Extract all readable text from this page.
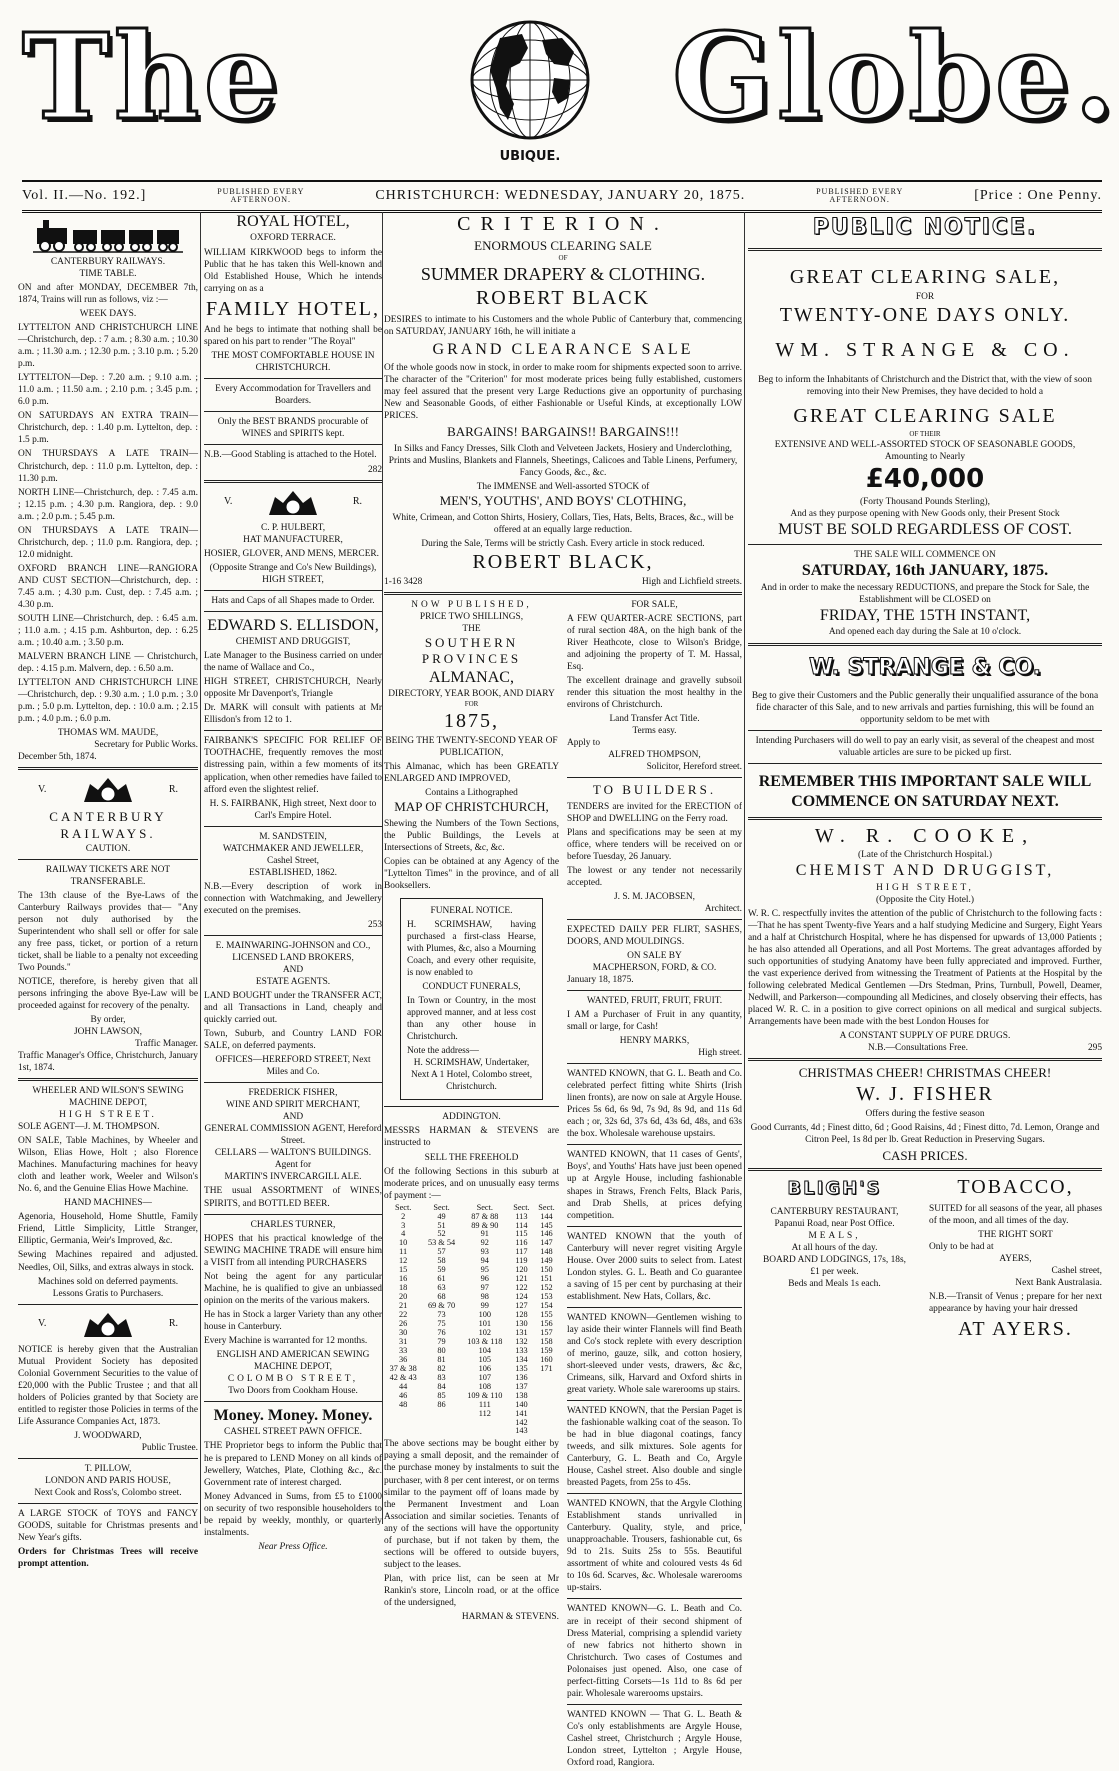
The
UBIQUE.
Globe.
Vol. II.—No. 192.]	PUBLISHED EVERY
AFTERNOON.	CHRISTCHURCH: WEDNESDAY, JANUARY 20, 1875.	PUBLISHED EVERY
AFTERNOON.	[Price : One Penny.
CANTERBURY RAILWAYS.
TIME TABLE.

ON and after MONDAY, DECEMBER 7th, 1874, Trains will run as follows, viz :—

WEEK DAYS.

LYTTELTON AND CHRISTCHURCH LINE—Christchurch, dep. : 7 a.m. ; 8.30 a.m. ; 10.30 a.m. ; 11.30 a.m. ; 12.30 p.m. ; 3.10 p.m. ; 5.20 p.m.

LYTTELTON—Dep. : 7.20 a.m. ; 9.10 a.m. ; 11.0 a.m. ; 11.50 a.m. ; 2.10 p.m. ; 3.45 p.m. ; 6.0 p.m.

ON SATURDAYS AN EXTRA TRAIN—Christchurch, dep. : 1.40 p.m. Lyttelton, dep. : 1.5 p.m.

ON THURSDAYS A LATE TRAIN—Christchurch, dep. : 11.0 p.m. Lyttelton, dep. : 11.30 p.m.

NORTH LINE—Christchurch, dep. : 7.45 a.m. ; 12.15 p.m. ; 4.30 p.m. Rangiora, dep. : 9.0 a.m. ; 2.0 p.m. ; 5.45 p.m.

ON THURSDAYS A LATE TRAIN—Christchurch, dep. ; 11.0 p.m. Rangiora, dep. ; 12.0 midnight.

OXFORD BRANCH LINE—RANGIORA AND CUST SECTION—Christchurch, dep. : 7.45 a.m. ; 4.30 p.m. Cust, dep. : 7.45 a.m. ; 4.30 p.m.

SOUTH LINE—Christchurch, dep. : 6.45 a.m. ; 11.0 a.m. ; 4.15 p.m. Ashburton, dep. : 6.25 a.m. ; 10.40 a.m. ; 3.50 p.m.

MALVERN BRANCH LINE — Christchurch, dep. : 4.15 p.m. Malvern, dep. : 6.50 a.m.

LYTTELTON AND CHRISTCHURCH LINE—Christchurch, dep. : 9.30 a.m. ; 1.0 p.m. ; 3.0 p.m. ; 5.0 p.m. Lyttelton, dep. : 10.0 a.m. ; 2.15 p.m. ; 4.0 p.m. ; 6.0 p.m.

THOMAS WM. MAUDE,
Secretary for Public Works.
December 5th, 1874.
V.	R.
CANTERBURY RAILWAYS.
CAUTION.
RAILWAY TICKETS ARE NOT TRANSFERABLE.

The 13th clause of the Bye-Laws of the Canterbury Railways provides that— "Any person not duly authorised by the Superintendent who shall sell or offer for sale any free pass, ticket, or portion of a return ticket, shall be liable to a penalty not exceeding Two Pounds."

NOTICE, therefore, is hereby given that all persons infringing the above Bye-Law will be proceeded against for recovery of the penalty.

By order,
JOHN LAWSON,
Traffic Manager.
Traffic Manager's Office, Christchurch, January 1st, 1874.
WHEELER AND WILSON'S SEWING MACHINE DEPOT,
HIGH STREET.
SOLE AGENT—J. M. THOMPSON.

ON SALE, Table Machines, by Wheeler and Wilson, Elias Howe, Holt ; also Florence Machines. Manufacturing machines for heavy cloth and leather work, Weeler and Wilson's No. 6, and the Genuine Elias Howe Machine.

HAND MACHINES—

Agenoria, Household, Home Shuttle, Family Friend, Little Simplicity, Little Stranger, Elliptic, Germania, Weir's Improved, &c.

Sewing Machines repaired and adjusted. Needles, Oil, Silks, and extras always in stock.

Machines sold on deferred payments.
Lessons Gratis to Purchasers.
V.	R.

NOTICE is hereby given that the Australian Mutual Provident Society has deposited Colonial Government Securities to the value of £20,000 with the Public Trustee ; and that all holders of Policies granted by that Society are entitled to register those Policies in terms of the Life Assurance Companies Act, 1873.

J. WOODWARD,
Public Trustee.
T. PILLOW,
LONDON AND PARIS HOUSE,
Next Cook and Ross's, Colombo street.

A LARGE STOCK of TOYS and FANCY GOODS, suitable for Christmas presents and New Year's gifts.

Orders for Christmas Trees will receive prompt attention.

ROYAL HOTEL,
OXFORD TERRACE.

WILLIAM KIRKWOOD begs to inform the Public that he has taken this Well-known and Old Established House, Which he intends carrying on as a

FAMILY HOTEL,

And he begs to intimate that nothing shall be spared on his part to render "The Royal"

THE MOST COMFORTABLE HOUSE IN CHRISTCHURCH.
Every Accommodation for Travellers and Boarders.
Only the BEST BRANDS procurable of WINES and SPIRITS kept.

N.B.—Good Stabling is attached to the Hotel.

282
V.	R.
C. P. HULBERT,
HAT MANUFACTURER,

HOSIER, GLOVER, AND MENS, MERCER.

(Opposite Strange and Co's New Buildings), HIGH STREET,
Hats and Caps of all Shapes made to Order.
EDWARD S. ELLISDON,
CHEMIST AND DRUGGIST,

Late Manager to the Business carried on under the name of Wallace and Co.,

HIGH STREET, CHRISTCHURCH, Nearly opposite Mr Davenport's, Triangle

Dr. MARK will consult with patients at Mr Ellisdon's from 12 to 1.

FAIRBANK'S SPECIFIC FOR RELIEF OF TOOTHACHE, frequently removes the most distressing pain, within a few moments of its application, when other remedies have failed to afford even the slightest relief.

H. S. FAIRBANK, High street, Next door to Carl's Empire Hotel.
M. SANDSTEIN,
WATCHMAKER AND JEWELLER,
Cashel Street,
ESTABLISHED, 1862.

N.B.—Every description of work in connection with Watchmaking, and Jewellery executed on the premises.

253
E. MAINWARING-JOHNSON and CO., LICENSED LAND BROKERS,
AND
ESTATE AGENTS.

LAND BOUGHT under the TRANSFER ACT, and all Transactions in Land, cheaply and quickly carried out.

Town, Suburb, and Country LAND FOR SALE, on deferred payments.

OFFICES—HEREFORD STREET, Next Miles and Co.
FREDERICK FISHER,
WINE AND SPIRIT MERCHANT,
AND
GENERAL COMMISSION AGENT, Hereford Street.
CELLARS — WALTON'S BUILDINGS.
Agent for
MARTIN'S INVERCARGILL ALE.

THE usual ASSORTMENT of WINES, SPIRITS, and BOTTLED BEER.

CHARLES TURNER,

HOPES that his practical knowledge of the SEWING MACHINE TRADE will ensure him a VISIT from all intending PURCHASERS

Not being the agent for any particular Machine, he is qualified to give an unbiassed opinion on the merits of the various makers.

He has in Stock a larger Variety than any other house in Canterbury.

Every Machine is warranted for 12 months.

ENGLISH AND AMERICAN SEWING MACHINE DEPOT,
COLOMBO STREET,
Two Doors from Cookham House.
Money. Money. Money.
CASHEL STREET PAWN OFFICE.

THE Proprietor begs to inform the Public that he is prepared to LEND Money on all kinds of Jewellery, Watches, Plate, Clothing &c., &c. Government rate of interest charged.

Money Advanced in Sums, from £5 to £1000 on security of two responsible householders to be repaid by weekly, monthly, or quarterly instalments.

Near Press Office.
CRITERION.
ENORMOUS CLEARING SALE
OF
SUMMER DRAPERY & CLOTHING.
ROBERT BLACK

DESIRES to intimate to his Customers and the whole Public of Canterbury that, commencing on SATURDAY, JANUARY 16th, he will initiate a

GRAND CLEARANCE SALE

Of the whole goods now in stock, in order to make room for shipments expected soon to arrive. The character of the "Criterion" for most moderate prices being fully established, customers may feel assured that the present very Large Reductions give an opportunity of purchasing New and Seasonable Goods, of either Fashionable or Useful Kinds, at exceptionally LOW PRICES.

BARGAINS! BARGAINS!! BARGAINS!!!

In Silks and Fancy Dresses, Silk Cloth and Velveteen Jackets, Hosiery and Underclothing, Prints and Muslins, Blankets and Flannels, Sheetings, Calicoes and Table Linens, Perfumery, Fancy Goods, &c., &c.

The IMMENSE and Well-assorted STOCK of
MEN'S, YOUTHS', AND BOYS' CLOTHING,

White, Crimean, and Cotton Shirts, Hosiery, Collars, Ties, Hats, Belts, Braces, &c., will be offered at an equally large reduction.

During the Sale, Terms will be strictly Cash. Every article in stock reduced.
ROBERT BLACK,
1-16 3428	High and Lichfield streets.
NOW PUBLISHED,
PRICE TWO SHILLINGS,
THE
SOUTHERN PROVINCES
ALMANAC,
DIRECTORY, YEAR BOOK, AND DIARY
FOR
1875,
BEING THE TWENTY-SECOND YEAR OF
PUBLICATION,

This Almanac, which has been GREATLY ENLARGED AND IMPROVED,

Contains a Lithographed
MAP OF CHRISTCHURCH,

Shewing the Numbers of the Town Sections, the Public Buildings, the Levels at Intersections of Streets, &c, &c.

Copies can be obtained at any Agency of the "Lyttelton Times" in the province, and of all Booksellers.

FUNERAL NOTICE.

H. SCRIMSHAW, having purchased a first-class Hearse, with Plumes, &c, also a Mourning Coach, and every other requisite, is now enabled to

CONDUCT FUNERALS,

In Town or Country, in the most approved manner, and at less cost than any other house in Christchurch.

Note the address—
H. SCRIMSHAW, Undertaker,
Next A 1 Hotel, Colombo street, Christchurch.
ADDINGTON.

MESSRS HARMAN & STEVENS are instructed to

SELL THE FREEHOLD

Of the following Sections in this suburb at moderate prices, and on unusually easy terms of payment :—

Sect.	Sect.	Sect.	Sect.	Sect.
2	49	87 & 88	113	144
3	51	89 & 90	114	145
4	52	91	115	146
10	53 & 54	92	116	147
11	57	93	117	148
12	58	94	119	149
15	59	95	120	150
16	61	96	121	151
18	63	97	122	152
20	68	98	124	153
21	69 & 70	99	127	154
22	73	100	128	155
26	75	101	130	156
30	76	102	131	157
31	79	103 & 118	132	158
33	80	104	133	159
36	81	105	134	160
37 & 38	82	106	135	171
42 & 43	83	107	136	
44	84	108	137	
46	85	109 & 110	138	
48	86	111	140	
		112	141	
			142	
			143	

The above sections may be bought either by paying a small deposit, and the remainder of the purchase money by instalments to suit the purchaser, with 8 per cent interest, or on terms similar to the payment off of loans made by the Permanent Investment and Loan Association and similar societies. Tenants of any of the sections will have the opportunity of purchase, but if not taken by them, the sections will be offered to outside buyers, subject to the leases.

Plan, with price list, can be seen at Mr Rankin's store, Lincoln road, or at the office of the undersigned,

HARMAN & STEVENS.
FOR SALE,

A FEW QUARTER-ACRE SECTIONS, part of rural section 48A, on the high bank of the River Heathcote, close to Wilson's Bridge, and adjoining the property of T. M. Hassal, Esq.

The excellent drainage and gravelly subsoil render this situation the most healthy in the environs of Christchurch.

Land Transfer Act Title.
Terms easy.
Apply to
ALFRED THOMPSON,
Solicitor, Hereford street.
TO BUILDERS.

TENDERS are invited for the ERECTION of SHOP and DWELLING on the Ferry road.

Plans and specifications may be seen at my office, where tenders will be received on or before Tuesday, 26 January.

The lowest or any tender not necessarily accepted.

J. S. M. JACOBSEN,
Architect.

EXPECTED DAILY PER FLIRT, SASHES, DOORS, AND MOULDINGS.

ON SALE BY
MACPHERSON, FORD, & CO.
January 18, 1875.
WANTED, FRUIT, FRUIT, FRUIT.

I AM a Purchaser of Fruit in any quantity, small or large, for Cash!

HENRY MARKS,
High street.

WANTED KNOWN, that G. L. Beath and Co. celebrated perfect fitting white Shirts (Irish linen fronts), are now on sale at Argyle House. Prices 5s 6d, 6s 9d, 7s 9d, 8s 9d, and 11s 6d each ; or, 32s 6d, 37s 6d, 43s 6d, 48s, and 63s the box. Wholesale warehouse upstairs.

WANTED KNOWN, that 11 cases of Gents', Boys', and Youths' Hats have just been opened up at Argyle House, including fashionable shapes in Straws, French Felts, Black Paris, and Drab Shells, at prices defying competition.

WANTED KNOWN that the youth of Canterbury will never regret visiting Argyle House. Over 2000 suits to select from. Latest London styles. G. L. Beath and Co guarantee a saving of 15 per cent by purchasing at their establishment. New Hats, Collars, &c.

WANTED KNOWN—Gentlemen wishing to lay aside their winter Flannels will find Beath and Co's stock replete with every description of merino, gauze, silk, and cotton hosiery, short-sleeved under vests, drawers, &c &c, Crimeans, silk, Harvard and Oxford shirts in great variety. Whole sale warerooms up stairs.

WANTED KNOWN, that the Persian Paget is the fashionable walking coat of the season. To be had in blue diagonal coatings, fancy tweeds, and silk mixtures. Sole agents for Canterbury, G. L. Beath and Co, Argyle House, Cashel street. Also double and single breasted Pagets, from 25s to 45s.

WANTED KNOWN, that the Argyle Clothing Establishment stands unrivalled in Canterbury. Quality, style, and price, unapproachable. Trousers, fashionable cut, 6s 9d to 21s. Suits 25s to 55s. Beautiful assortment of white and coloured vests 4s 6d to 10s 6d. Scarves, &c. Wholesale warerooms up-stairs.

WANTED KNOWN—G. L. Beath and Co. are in receipt of their second shipment of Dress Material, comprising a splendid variety of new fabrics not hitherto shown in Christchurch. Two cases of Costumes and Polonaises just opened. Also, one case of perfect-fitting Corsets—1s 11d to 8s 6d per pair. Wholesale warerooms upstairs.

WANTED KNOWN — That G. L. Beath & Co's only establishments are Argyle House, Cashel street, Christchurch ; Argyle House, London street, Lyttelton ; Argyle House, Oxford road, Rangiora.

PUBLIC NOTICE.
GREAT CLEARING SALE,
FOR
TWENTY-ONE DAYS ONLY.
WM. STRANGE & CO.

Beg to inform the Inhabitants of Christchurch and the District that, with the view of soon removing into their New Premises, they have decided to hold a

GREAT CLEARING SALE
OF THEIR
EXTENSIVE AND WELL-ASSORTED STOCK OF SEASONABLE GOODS,
Amounting to Nearly
£40,000
(Forty Thousand Pounds Sterling),
And as they purpose opening with New Goods only, their Present Stock
MUST BE SOLD REGARDLESS OF COST.
THE SALE WILL COMMENCE ON
SATURDAY, 16th JANUARY, 1875.
And in order to make the necessary REDUCTIONS, and prepare the Stock for Sale, the
Establishment will be CLOSED on
FRIDAY, THE 15TH INSTANT,
And opened each day during the Sale at 10 o'clock.
W. STRANGE & CO.

Beg to give their Customers and the Public generally their unqualified assurance of the bona fide character of this Sale, and to new arrivals and parties furnishing, this will be found an opportunity seldom to be met with

Intending Purchasers will do well to pay an early visit, as several of the cheapest and most valuable articles are sure to be picked up first.

REMEMBER THIS IMPORTANT SALE WILL
COMMENCE ON SATURDAY NEXT.
W. R. COOKE,
(Late of the Christchurch Hospital.)
CHEMIST AND DRUGGIST,
HIGH STREET,
(Opposite the City Hotel.)

W. R. C. respectfully invites the attention of the public of Christchurch to the following facts :—That he has spent Twenty-five Years and a half studying Medicine and Surgery, Eight Years and a half at Christchurch Hospital, where he has dispensed for upwards of 13,000 Patients ; he has also attended all Operations, and all Post Mortems. The great advantages afforded by such opportunities of studying Anatomy have been fully appreciated and improved. Further, the vast experience derived from witnessing the Treatment of Patients at the Hospital by the following celebrated Medical Gentlemen —Drs Stedman, Prins, Turnbull, Powell, Deamer, Nedwill, and Parkerson—compounding all Medicines, and closely observing their effects, has placed W. R. C. in a position to give correct opinions on all medical and surgical subjects. Arrangements have been made with the best London Houses for

A CONSTANT SUPPLY OF PURE DRUGS.
N.B.—Consultations Free.	295
CHRISTMAS CHEER! CHRISTMAS CHEER!
W. J. FISHER
Offers during the festive season

Good Currants, 4d ; Finest ditto, 6d ; Good Raisins, 4d ; Finest ditto, 7d. Lemon, Orange and Citron Peel, 1s 8d per lb. Great Reduction in Preserving Sugars.

CASH PRICES.
BLIGH'S
CANTERBURY RESTAURANT,
Papanui Road, near Post Office.
MEALS,
At all hours of the day.
BOARD AND LODGINGS, 17s, 18s,
£1 per week.
Beds and Meals 1s each.
TOBACCO,

SUITED for all seasons of the year, all phases of the moon, and all times of the day.

THE RIGHT SORT
Only to be had at
AYERS,
Cashel street,
Next Bank Australasia.

N.B.—Transit of Venus ; prepare for her next appearance by having your hair dressed

AT AYERS.
